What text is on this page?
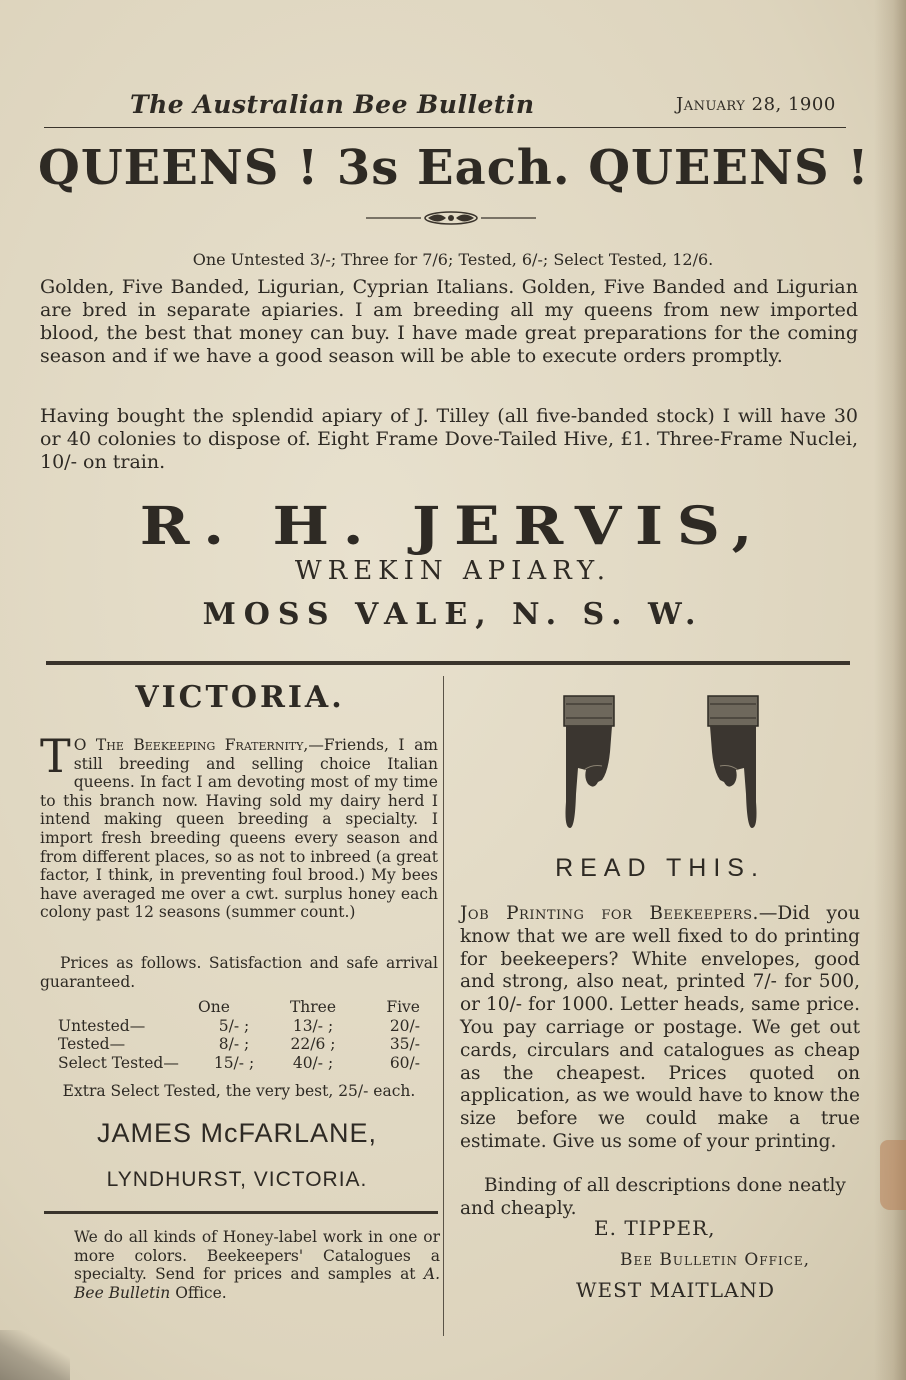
The Australian Bee Bulletin	January 28, 1900
QUEENS ! 3s Each. QUEENS !
One Untested 3/-; Three for 7/6; Tested, 6/-; Select Tested, 12/6.
Golden, Five Banded, Ligurian, Cyprian Italians. Golden, Five Banded and Ligurian are bred in separate apiaries. I am breeding all my queens from new imported blood, the best that money can buy. I have made great preparations for the coming season and if we have a good season will be able to execute orders promptly.
Having bought the splendid apiary of J. Tilley (all five-banded stock) I will have 30 or 40 colonies to dispose of. Eight Frame Dove-Tailed Hive, £1. Three-Frame Nuclei, 10/- on train.
R. H. JERVIS,
WREKIN APIARY.
MOSS VALE, N. S. W.
VICTORIA.
T O The Beekeeping Fraternity,—Friends, I am still breeding and selling choice Italian queens. In fact I am devoting most of my time to this branch now. Having sold my dairy herd I intend making queen breeding a specialty. I import fresh breeding queens every season and from different places, so as not to inbreed (a great factor, I think, in preventing foul brood.) My bees have averaged me over a cwt. surplus honey each colony past 12 seasons (summer count.)
Prices as follows. Satisfaction and safe arrival guaranteed.
	One	Three	Five
Untested—	5/- ;	13/- ;	20/-
Tested—	8/- ;	22/6 ;	35/-
Select Tested—	15/- ;	40/- ;	60/-
Extra Select Tested, the very best, 25/- each.
JAMES McFARLANE,
LYNDHURST, VICTORIA.
We do all kinds of Honey-label work in one or more colors. Beekeepers' Catalogues a specialty. Send for prices and samples at A. Bee Bulletin Office.
READ THIS.
Job Printing for Beekeepers.—Did you know that we are well fixed to do printing for beekeepers? White envelopes, good and strong, also neat, printed 7/- for 500, or 10/- for 1000. Letter heads, same price. You pay carriage or postage. We get out cards, circulars and catalogues as cheap as the cheapest. Prices quoted on application, as we would have to know the size before we could make a true estimate. Give us some of your printing.
Binding of all descriptions done neatly and cheaply.
E. TIPPER,
Bee Bulletin Office,
WEST MAITLAND
